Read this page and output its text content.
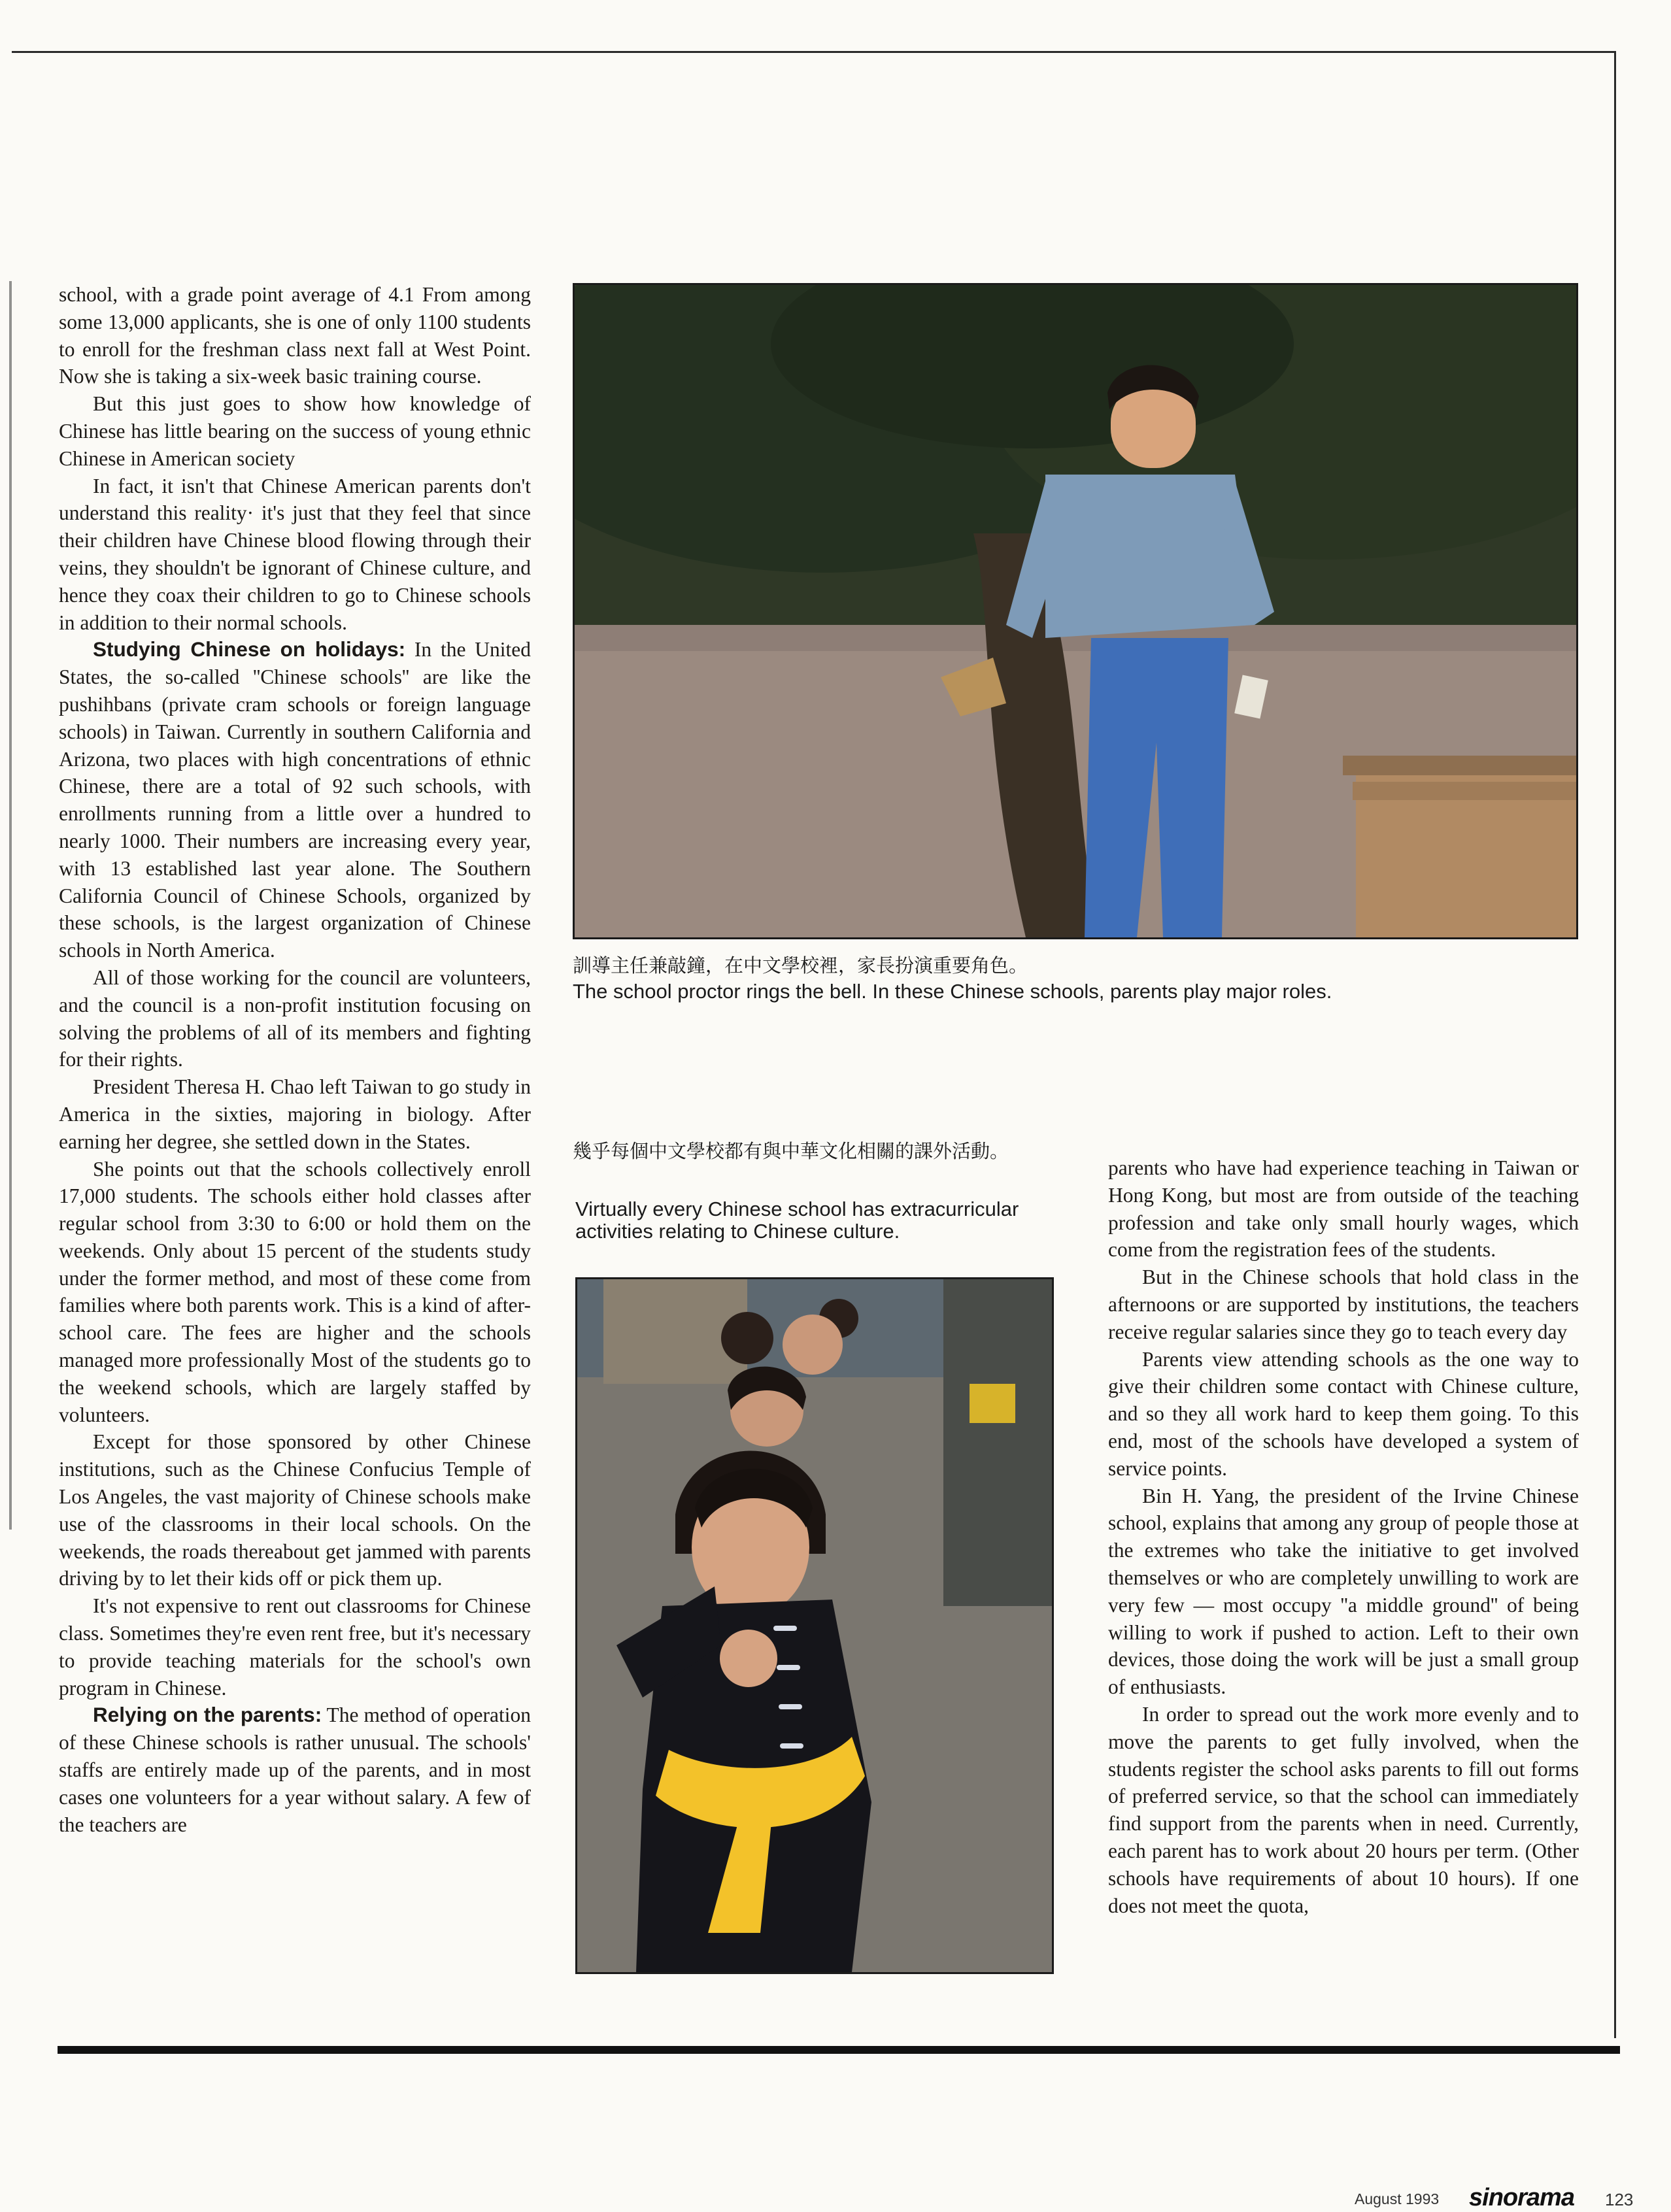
school, with a grade point average of 4.1 From among some 13,000 applicants, she is one of only 1100 students to enroll for the freshman class next fall at West Point. Now she is taking a six-week basic training course.

But this just goes to show how knowledge of Chinese has little bearing on the success of young ethnic Chinese in American society

In fact, it isn't that Chinese American parents don't understand this reality· it's just that they feel that since their children have Chinese blood flowing through their veins, they shouldn't be ignorant of Chinese culture, and hence they coax their children to go to Chinese schools in addition to their normal schools.

Studying Chinese on holidays: In the United States, the so-called ''Chinese schools'' are like the pushihbans (private cram schools or foreign language schools) in Taiwan. Currently in southern California and Arizona, two places with high concentrations of ethnic Chinese, there are a total of 92 such schools, with enrollments running from a little over a hundred to nearly 1000. Their numbers are increasing every year, with 13 established last year alone. The Southern California Council of Chinese Schools, organized by these schools, is the largest organization of Chinese schools in North America.

All of those working for the council are volunteers, and the council is a non-profit institution focusing on solving the problems of all of its members and fighting for their rights.

President Theresa H. Chao left Taiwan to go study in America in the sixties, majoring in biology. After earning her degree, she settled down in the States.

She points out that the schools collectively enroll 17,000 students. The schools either hold classes after regular school from 3:30 to 6:00 or hold them on the weekends. Only about 15 percent of the students study under the former method, and most of these come from families where both parents work. This is a kind of after-school care. The fees are higher and the schools managed more professionally Most of the students go to the weekend schools, which are largely staffed by volunteers.

Except for those sponsored by other Chinese institutions, such as the Chinese Confucius Temple of Los Angeles, the vast majority of Chinese schools make use of the classrooms in their local schools. On the weekends, the roads thereabout get jammed with parents driving by to let their kids off or pick them up.

It's not expensive to rent out classrooms for Chinese class. Sometimes they're even rent free, but it's necessary to provide teaching materials for the school's own program in Chinese.

Relying on the parents: The method of operation of these Chinese schools is rather unusual. The schools' staffs are entirely made up of the parents, and in most cases one volunteers for a year without salary. A few of the teachers are

訓導主任兼敲鐘，在中文學校裡，家長扮演重要角色。
The school proctor rings the bell. In these Chinese schools, parents play major roles.
幾乎每個中文學校都有與中華文化相關的課外活動。
Virtually every Chinese school has extracurricular activities relating to Chinese culture.

parents who have had experience teaching in Taiwan or Hong Kong, but most are from outside of the teaching profession and take only small hourly wages, which come from the registration fees of the students.

But in the Chinese schools that hold class in the afternoons or are supported by institutions, the teachers receive regular salaries since they go to teach every day

Parents view attending schools as the one way to give their children some contact with Chinese culture, and so they all work hard to keep them going. To this end, most of the schools have developed a system of service points.

Bin H. Yang, the president of the Irvine Chinese school, explains that among any group of people those at the extremes who take the initiative to get involved themselves or who are completely unwilling to work are very few — most occupy ''a middle ground'' of being willing to work if pushed to action. Left to their own devices, those doing the work will be just a small group of enthusiasts.

In order to spread out the work more evenly and to move the parents to get fully involved, when the students register the school asks parents to fill out forms of preferred service, so that the school can immediately find support from the parents when in need. Currently, each parent has to work about 20 hours per term. (Other schools have requirements of about 10 hours). If one does not meet the quota,

August 1993 sinorama 123
